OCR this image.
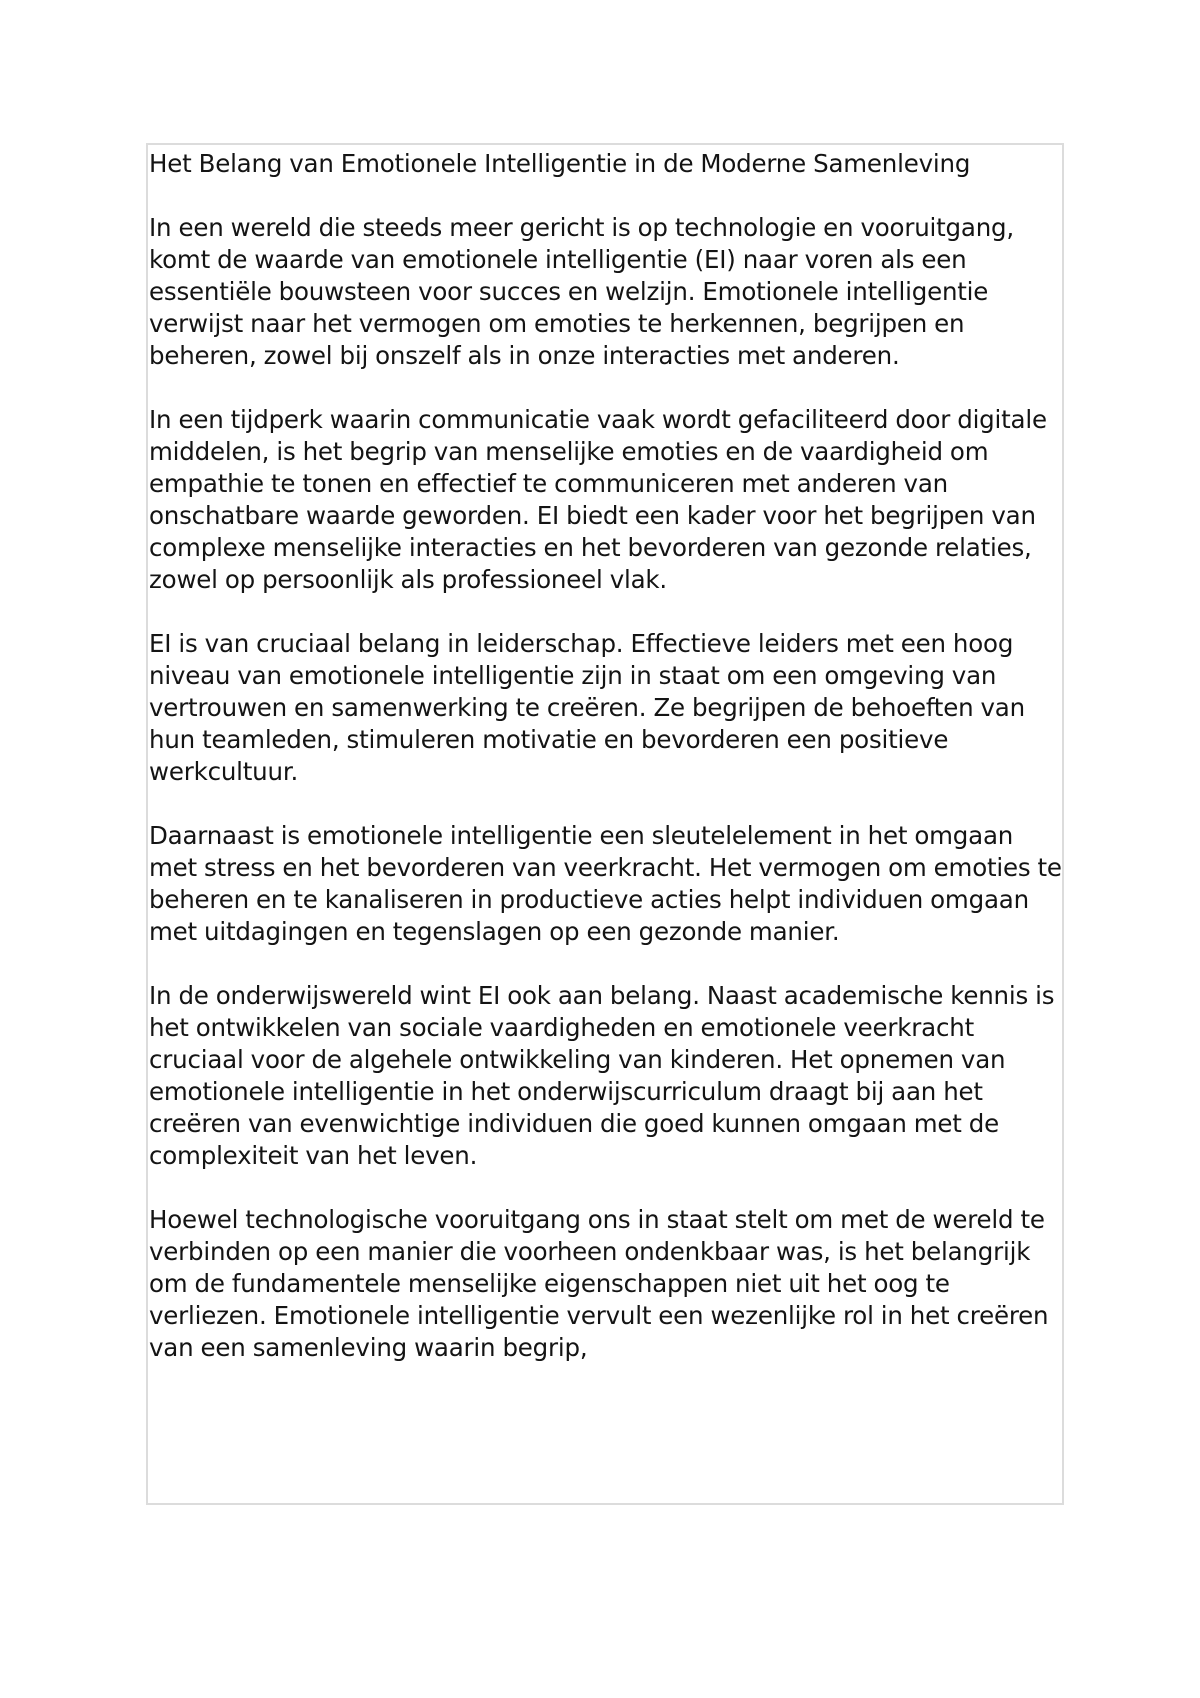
Het Belang van Emotionele Intelligentie in de Moderne Samenleving

In een wereld die steeds meer gericht is op technologie en vooruitgang, komt de waarde van emotionele intelligentie (EI) naar voren als een essentiële bouwsteen voor succes en welzijn. Emotionele intelligentie verwijst naar het vermogen om emoties te herkennen, begrijpen en beheren, zowel bij onszelf als in onze interacties met anderen.

In een tijdperk waarin communicatie vaak wordt gefaciliteerd door digitale middelen, is het begrip van menselijke emoties en de vaardigheid om empathie te tonen en effectief te communiceren met anderen van onschatbare waarde geworden. EI biedt een kader voor het begrijpen van complexe menselijke interacties en het bevorderen van gezonde relaties, zowel op persoonlijk als professioneel vlak.

EI is van cruciaal belang in leiderschap. Effectieve leiders met een hoog niveau van emotionele intelligentie zijn in staat om een omgeving van vertrouwen en samenwerking te creëren. Ze begrijpen de behoeften van hun teamleden, stimuleren motivatie en bevorderen een positieve werkcultuur.

Daarnaast is emotionele intelligentie een sleutelelement in het omgaan met stress en het bevorderen van veerkracht. Het vermogen om emoties te beheren en te kanaliseren in productieve acties helpt individuen omgaan met uitdagingen en tegenslagen op een gezonde manier.

In de onderwijswereld wint EI ook aan belang. Naast academische kennis is het ontwikkelen van sociale vaardigheden en emotionele veerkracht cruciaal voor de algehele ontwikkeling van kinderen. Het opnemen van emotionele intelligentie in het onderwijscurriculum draagt bij aan het creëren van evenwichtige individuen die goed kunnen omgaan met de complexiteit van het leven.

Hoewel technologische vooruitgang ons in staat stelt om met de wereld te verbinden op een manier die voorheen ondenkbaar was, is het belangrijk om de fundamentele menselijke eigenschappen niet uit het oog te verliezen. Emotionele intelligentie vervult een wezenlijke rol in het creëren van een samenleving waarin begrip,
